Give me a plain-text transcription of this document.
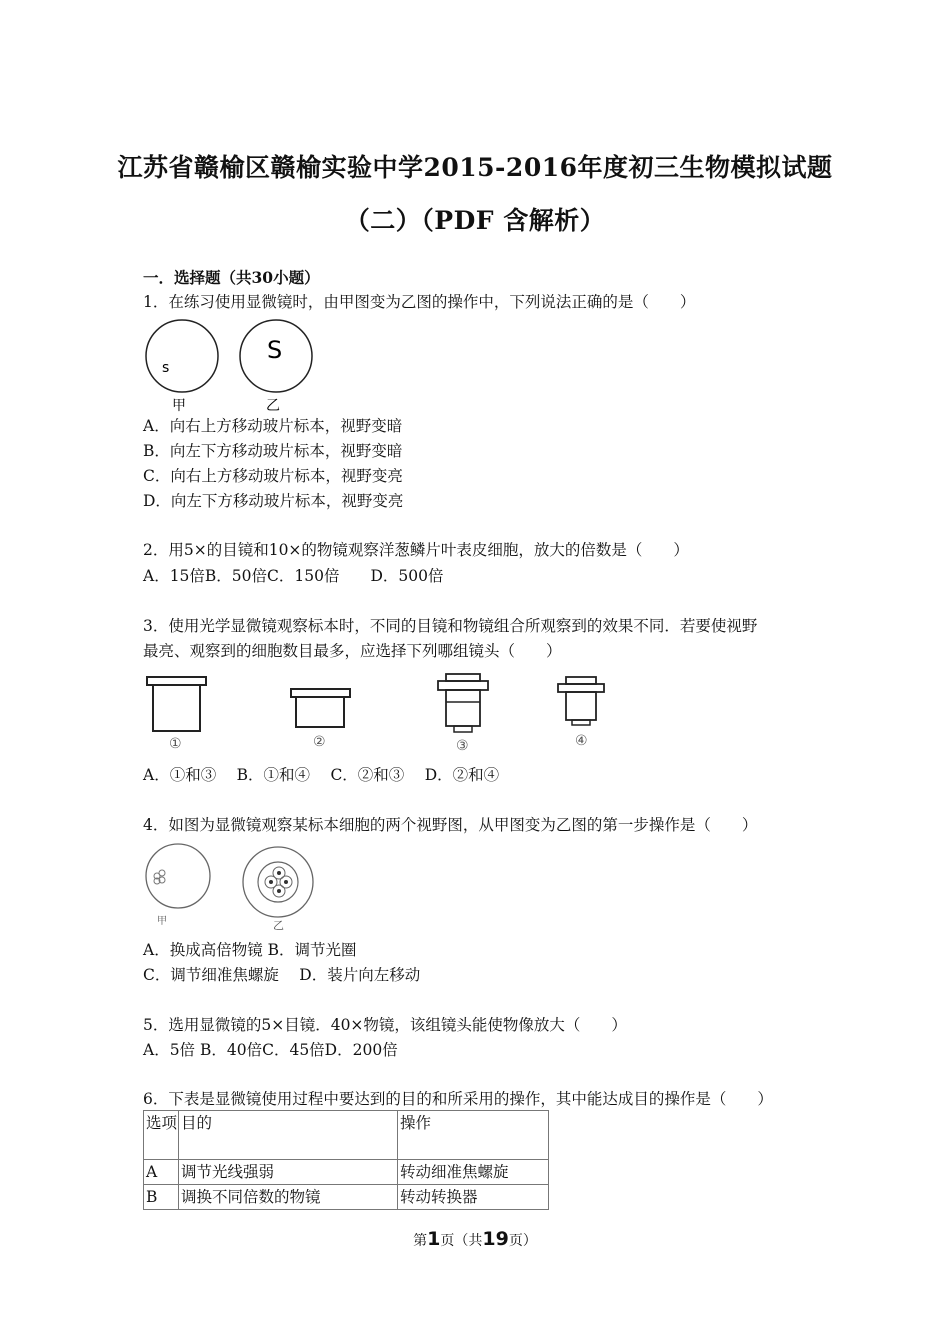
江苏省赣榆区赣榆实验中学2015-2016年度初三生物模拟试题
（二）（PDF 含解析）
一．选择题（共30小题）
1．在练习使用显微镜时，由甲图变为乙图的操作中，下列说法正确的是（　　）
s
甲
S
乙
A．向右上方移动玻片标本，视野变暗
B．向左下方移动玻片标本，视野变暗
C．向右上方移动玻片标本，视野变亮
D．向左下方移动玻片标本，视野变亮
2．用5×的目镜和10×的物镜观察洋葱鳞片叶表皮细胞，放大的倍数是（　　）
A．15倍B．50倍C．150倍　　D．500倍
3．使用光学显微镜观察标本时，不同的目镜和物镜组合所观察到的效果不同．若要使视野
最亮、观察到的细胞数目最多，应选择下列哪组镜头（　　）
①	②	③	④
A．①和③　 B．①和④　 C．②和③　 D．②和④
4．如图为显微镜观察某标本细胞的两个视野图，从甲图变为乙图的第一步操作是（　　）
甲	乙
A．换成高倍物镜 B．调节光圈
C．调节细准焦螺旋　 D．装片向左移动
5．选用显微镜的5×目镜．40×物镜，该组镜头能使物像放大（　　）
A．5倍 B．40倍C．45倍D．200倍
6．下表是显微镜使用过程中要达到的目的和所采用的操作，其中能达成目的操作是（　　）
选项	目的	操作
A	调节光线强弱	转动细准焦螺旋
B	调换不同倍数的物镜	转动转换器
第1页（共19页）
